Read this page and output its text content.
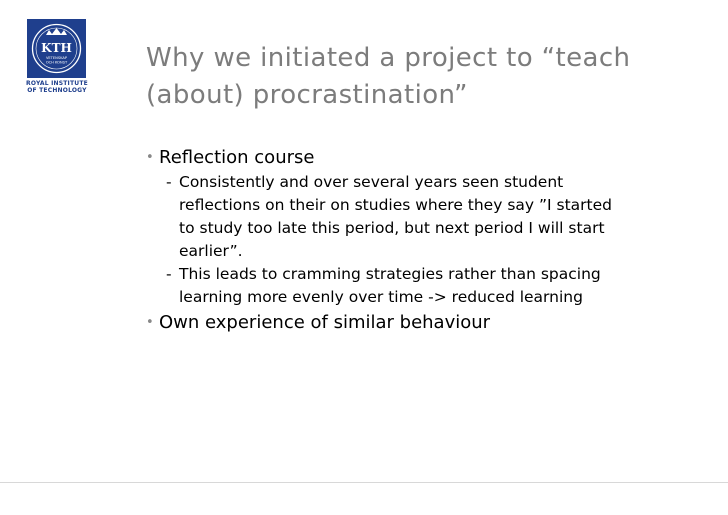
KTH
VETENSKAP
OCH KONST
ROYAL INSTITUTE
OF TECHNOLOGY
Why we initiated a project to “teach
(about) procrastination”
• Reflection course
- Consistently and over several years seen student
reflections on their on studies where they say ”I started
to study too late this period, but next period I will start
earlier”.
- This leads to cramming strategies rather than spacing
learning more evenly over time -> reduced learning
• Own experience of similar behaviour
